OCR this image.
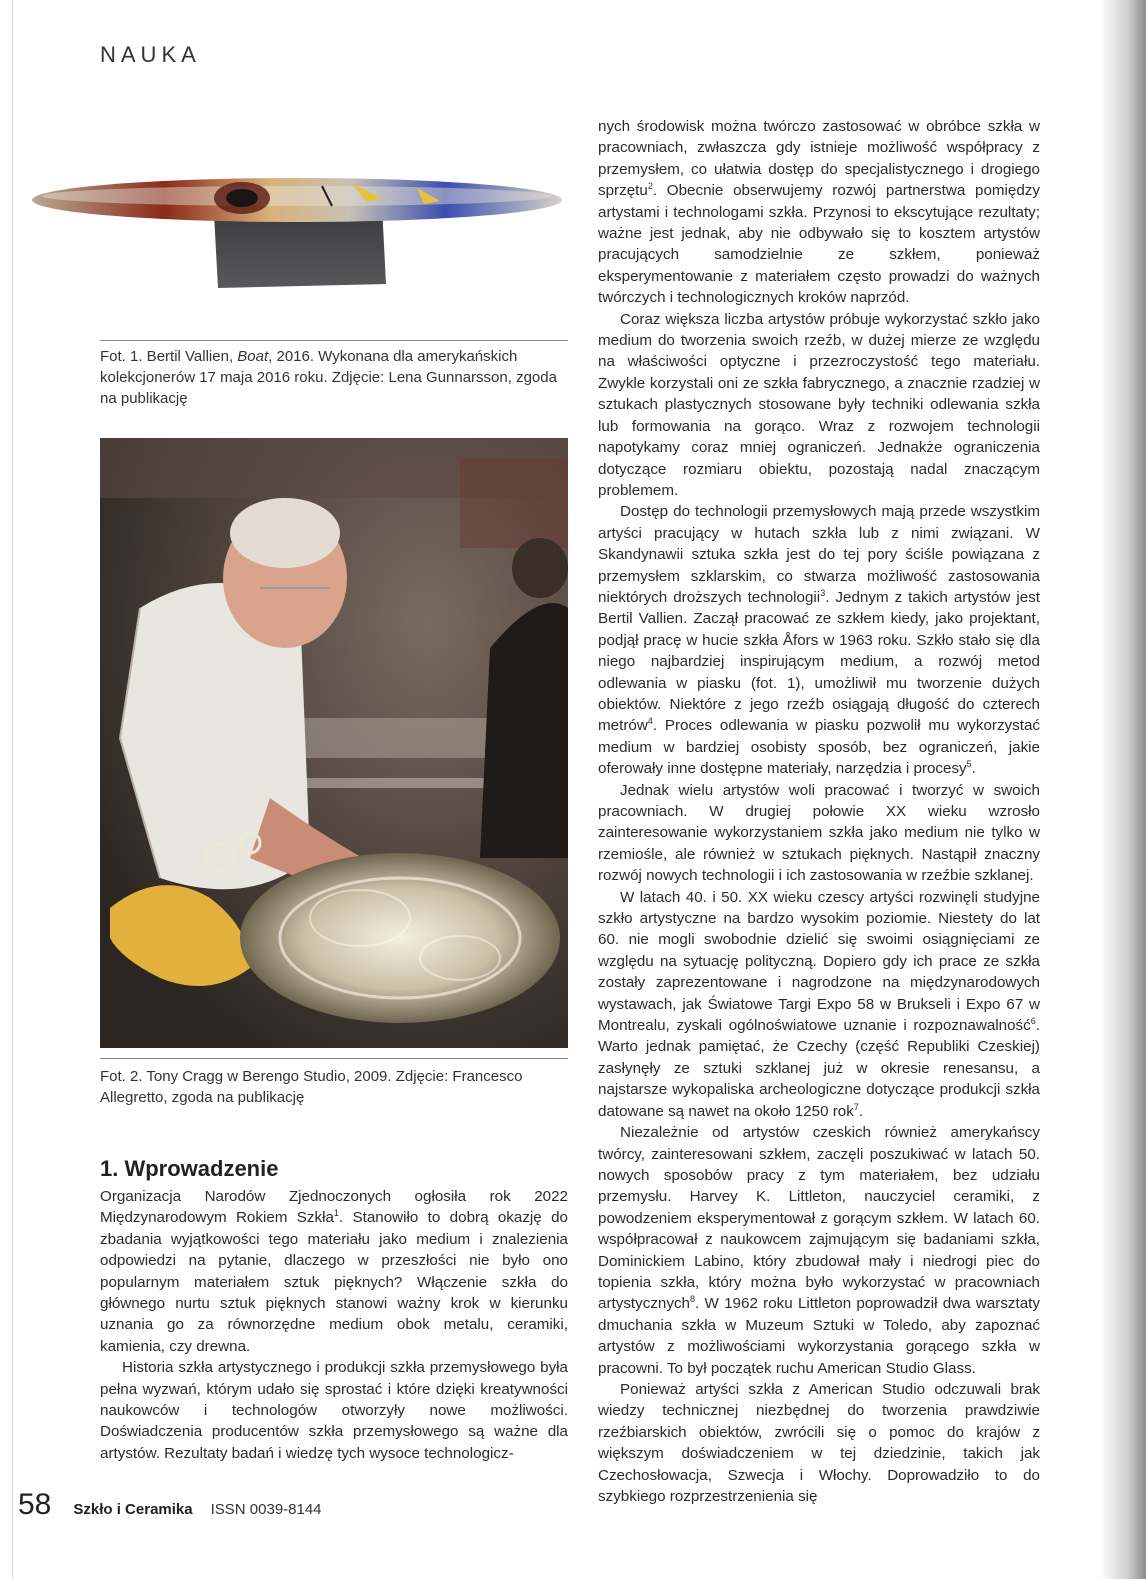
NAUKA
Fot. 1. Bertil Vallien, Boat, 2016. Wykonana dla amerykańskich kolekcjonerów 17 maja 2016 roku. Zdjęcie: Lena Gunnarsson, zgoda na publikację
Fot. 2. Tony Cragg w Berengo Studio, 2009. Zdjęcie: Francesco Allegretto, zgoda na publikację
1. Wprowadzenie

Organizacja Narodów Zjednoczonych ogłosiła rok 2022 Międzynarodowym Rokiem Szkła$^1$. Stanowiło to dobrą okazję do zbadania wyjątkowości tego materiału jako medium i znalezienia odpowiedzi na pytanie, dlaczego w przeszłości nie było ono popularnym materiałem sztuk pięknych? Włączenie szkła do głównego nurtu sztuk pięknych stanowi ważny krok w kierunku uznania go za równorzędne medium obok metalu, ceramiki, kamienia, czy drewna.

Historia szkła artystycznego i produkcji szkła przemysłowego była pełna wyzwań, którym udało się sprostać i które dzięki kreatywności naukowców i technologów otworzyły nowe możliwości. Doświadczenia producentów szkła przemysłowego są ważne dla artystów. Rezultaty badań i wiedzę tych wysoce technologicz-

nych środowisk można twórczo zastosować w obróbce szkła w pracowniach, zwłaszcza gdy istnieje możliwość współpracy z przemysłem, co ułatwia dostęp do specjalistycznego i drogiego sprzętu$^2$. Obecnie obserwujemy rozwój partnerstwa pomiędzy artystami i technologami szkła. Przynosi to ekscytujące rezultaty; ważne jest jednak, aby nie odbywało się to kosztem artystów pracujących samodzielnie ze szkłem, ponieważ eksperymentowanie z materiałem często prowadzi do ważnych twórczych i technologicznych kroków naprzód.

Coraz większa liczba artystów próbuje wykorzystać szkło jako medium do tworzenia swoich rzeźb, w dużej mierze ze względu na właściwości optyczne i przezroczystość tego materiału. Zwykle korzystali oni ze szkła fabrycznego, a znacznie rzadziej w sztukach plastycznych stosowane były techniki odlewania szkła lub formowania na gorąco. Wraz z rozwojem technologii napotykamy coraz mniej ograniczeń. Jednakże ograniczenia dotyczące rozmiaru obiektu, pozostają nadal znaczącym problemem.

Dostęp do technologii przemysłowych mają przede wszystkim artyści pracujący w hutach szkła lub z nimi związani. W Skandynawii sztuka szkła jest do tej pory ściśle powiązana z przemysłem szklarskim, co stwarza możliwość zastosowania niektórych droższych technologii$^3$. Jednym z takich artystów jest Bertil Vallien. Zaczął pracować ze szkłem kiedy, jako projektant, podjął pracę w hucie szkła Åfors w 1963 roku. Szkło stało się dla niego najbardziej inspirującym medium, a rozwój metod odlewania w piasku (fot. 1), umożliwił mu tworzenie dużych obiektów. Niektóre z jego rzeźb osiągają długość do czterech metrów$^4$. Proces odlewania w piasku pozwolił mu wykorzystać medium w bardziej osobisty sposób, bez ograniczeń, jakie oferowały inne dostępne materiały, narzędzia i procesy$^5$.

Jednak wielu artystów woli pracować i tworzyć w swoich pracowniach. W drugiej połowie XX wieku wzrosło zainteresowanie wykorzystaniem szkła jako medium nie tylko w rzemiośle, ale również w sztukach pięknych. Nastąpił znaczny rozwój nowych technologii i ich zastosowania w rzeźbie szklanej.

W latach 40. i 50. XX wieku czescy artyści rozwinęli studyjne szkło artystyczne na bardzo wysokim poziomie. Niestety do lat 60. nie mogli swobodnie dzielić się swoimi osiągnięciami ze względu na sytuację polityczną. Dopiero gdy ich prace ze szkła zostały zaprezentowane i nagrodzone na międzynarodowych wystawach, jak Światowe Targi Expo 58 w Brukseli i Expo 67 w Montrealu, zyskali ogólnoświatowe uznanie i rozpoznawalność$^6$. Warto jednak pamiętać, że Czechy (część Republiki Czeskiej) zasłynęły ze sztuki szklanej już w okresie renesansu, a najstarsze wykopaliska archeologiczne dotyczące produkcji szkła datowane są nawet na około 1250 rok$^7$.

Niezależnie od artystów czeskich również amerykańscy twórcy, zainteresowani szkłem, zaczęli poszukiwać w latach 50. nowych sposobów pracy z tym materiałem, bez udziału przemysłu. Harvey K. Littleton, nauczyciel ceramiki, z powodzeniem eksperymentował z gorącym szkłem. W latach 60. współpracował z naukowcem zajmującym się badaniami szkła, Dominickiem Labino, który zbudował mały i niedrogi piec do topienia szkła, który można było wykorzystać w pracowniach artystycznych$^8$. W 1962 roku Littleton poprowadził dwa warsztaty dmuchania szkła w Muzeum Sztuki w Toledo, aby zapoznać artystów z możliwościami wykorzystania gorącego szkła w pracowni. To był początek ruchu American Studio Glass.

Ponieważ artyści szkła z American Studio odczuwali brak wiedzy technicznej niezbędnej do tworzenia prawdziwie rzeźbiarskich obiektów, zwrócili się o pomoc do krajów z większym doświadczeniem w tej dziedzinie, takich jak Czechosłowacja, Szwecja i Włochy. Doprowadziło to do szybkiego rozprzestrzenienia się

58 Szkło i Ceramika ISSN 0039-8144
